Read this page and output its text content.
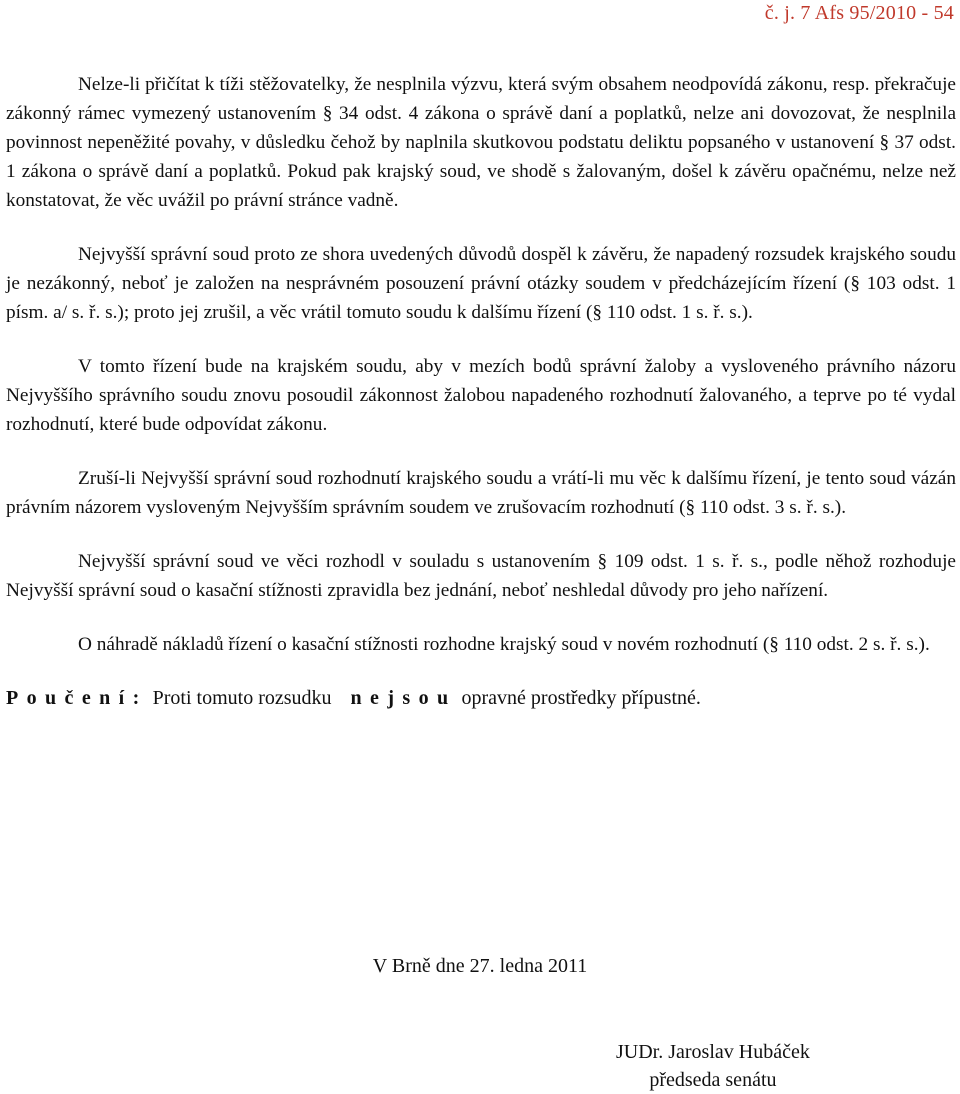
č. j. 7 Afs 95/2010 - 54

Nelze-li přičítat k tíži stěžovatelky, že nesplnila výzvu, která svým obsahem neodpovídá zákonu, resp. překračuje zákonný rámec vymezený ustanovením § 34 odst. 4 zákona o správě daní a poplatků, nelze ani dovozovat, že nesplnila povinnost nepeněžité povahy, v důsledku čehož by naplnila skutkovou podstatu deliktu popsaného v ustanovení § 37 odst. 1 zákona o správě daní a poplatků. Pokud pak krajský soud, ve shodě s žalovaným, došel k závěru opačnému, nelze než konstatovat, že věc uvážil po právní stránce vadně.

Nejvyšší správní soud proto ze shora uvedených důvodů dospěl k závěru, že napadený rozsudek krajského soudu je nezákonný, neboť je založen na nesprávném posouzení právní otázky soudem v předcházejícím řízení (§ 103 odst. 1 písm. a/ s. ř. s.); proto jej zrušil, a věc vrátil tomuto soudu k dalšímu řízení (§ 110 odst. 1 s. ř. s.).

V tomto řízení bude na krajském soudu, aby v mezích bodů správní žaloby a vysloveného právního názoru Nejvyššího správního soudu znovu posoudil zákonnost žalobou napadeného rozhodnutí žalovaného, a teprve po té vydal rozhodnutí, které bude odpovídat zákonu.

Zruší-li Nejvyšší správní soud rozhodnutí krajského soudu a vrátí-li mu věc k dalšímu řízení, je tento soud vázán právním názorem vysloveným Nejvyšším správním soudem ve zrušovacím rozhodnutí (§ 110 odst. 3 s. ř. s.).

Nejvyšší správní soud ve věci rozhodl v souladu s ustanovením § 109 odst. 1 s. ř. s., podle něhož rozhoduje Nejvyšší správní soud o kasační stížnosti zpravidla bez jednání, neboť neshledal důvody pro jeho nařízení.

O náhradě nákladů řízení o kasační stížnosti rozhodne krajský soud v novém rozhodnutí (§ 110 odst. 2 s. ř. s.).

Poučení: Proti tomuto rozsudku nejsou opravné prostředky přípustné.

V Brně dne 27. ledna 2011
JUDr. Jaroslav Hubáček
předseda senátu
